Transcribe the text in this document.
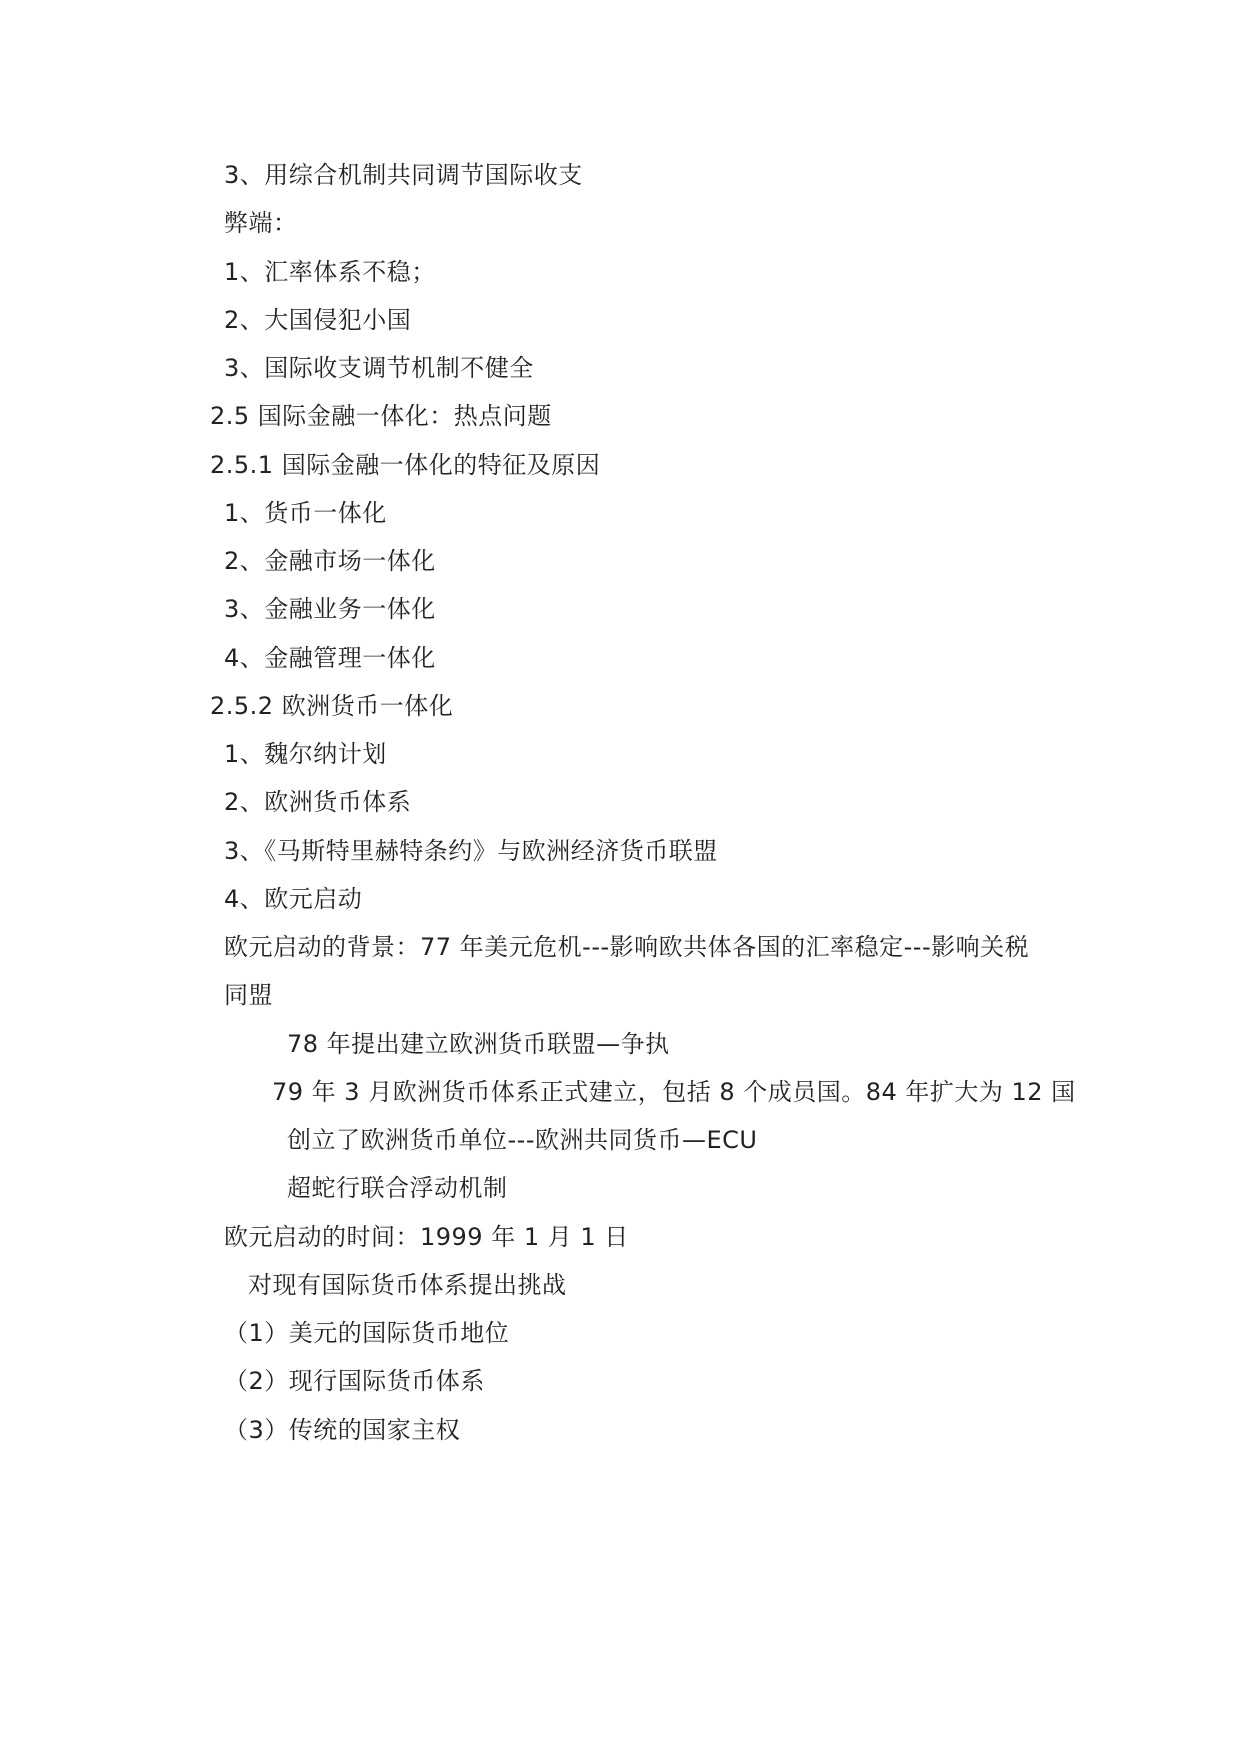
3、用综合机制共同调节国际收支
弊端：
1、汇率体系不稳；
2、大国侵犯小国
3、国际收支调节机制不健全
2.5 国际金融一体化：热点问题
2.5.1 国际金融一体化的特征及原因
1、货币一体化
2、金融市场一体化
3、金融业务一体化
4、金融管理一体化
2.5.2 欧洲货币一体化
1、魏尔纳计划
2、欧洲货币体系
3、《马斯特里赫特条约》与欧洲经济货币联盟
4、欧元启动
欧元启动的背景：77 年美元危机---影响欧共体各国的汇率稳定---影响关税
同盟
78 年提出建立欧洲货币联盟—争执
79 年 3 月欧洲货币体系正式建立，包括 8 个成员国。84 年扩大为 12 国
创立了欧洲货币单位---欧洲共同货币—ECU
超蛇行联合浮动机制
欧元启动的时间：1999 年 1 月 1 日
对现有国际货币体系提出挑战
（1）美元的国际货币地位
（2）现行国际货币体系
（3）传统的国家主权
